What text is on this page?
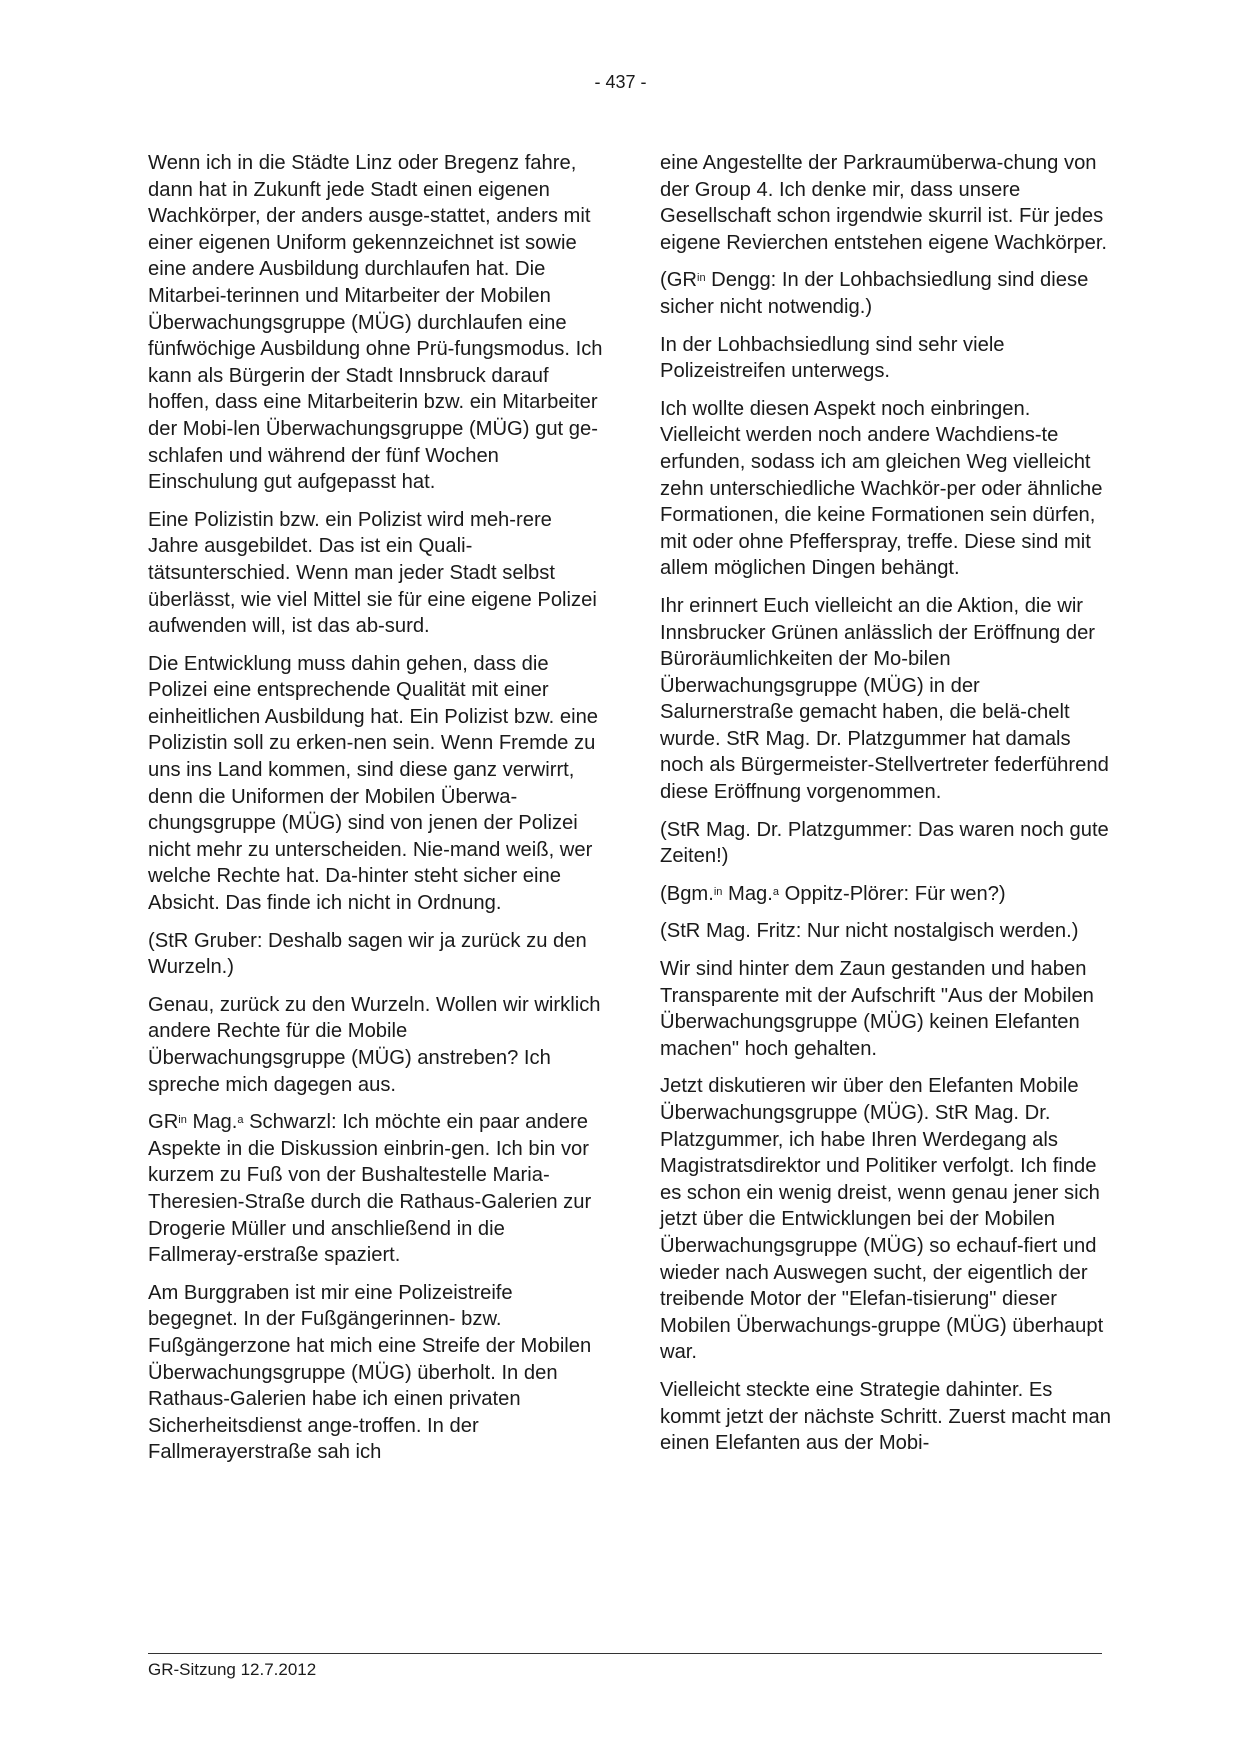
- 437 -

Wenn ich in die Städte Linz oder Bregenz fahre, dann hat in Zukunft jede Stadt einen eigenen Wachkörper, der anders ausge-stattet, anders mit einer eigenen Uniform gekennzeichnet ist sowie eine andere Ausbildung durchlaufen hat. Die Mitarbei-terinnen und Mitarbeiter der Mobilen Überwachungsgruppe (MÜG) durchlaufen eine fünfwöchige Ausbildung ohne Prü-fungsmodus. Ich kann als Bürgerin der Stadt Innsbruck darauf hoffen, dass eine Mitarbeiterin bzw. ein Mitarbeiter der Mobi-len Überwachungsgruppe (MÜG) gut ge-schlafen und während der fünf Wochen Einschulung gut aufgepasst hat.

Eine Polizistin bzw. ein Polizist wird meh-rere Jahre ausgebildet. Das ist ein Quali-tätsunterschied. Wenn man jeder Stadt selbst überlässt, wie viel Mittel sie für eine eigene Polizei aufwenden will, ist das ab-surd.

Die Entwicklung muss dahin gehen, dass die Polizei eine entsprechende Qualität mit einer einheitlichen Ausbildung hat. Ein Polizist bzw. eine Polizistin soll zu erken-nen sein. Wenn Fremde zu uns ins Land kommen, sind diese ganz verwirrt, denn die Uniformen der Mobilen Überwa-chungsgruppe (MÜG) sind von jenen der Polizei nicht mehr zu unterscheiden. Nie-mand weiß, wer welche Rechte hat. Da-hinter steht sicher eine Absicht. Das finde ich nicht in Ordnung.

(StR Gruber: Deshalb sagen wir ja zurück zu den Wurzeln.)

Genau, zurück zu den Wurzeln. Wollen wir wirklich andere Rechte für die Mobile Überwachungsgruppe (MÜG) anstreben? Ich spreche mich dagegen aus.

$GR^{in}$ Mag.$^a$ Schwarzl: Ich möchte ein paar andere Aspekte in die Diskussion einbrin-gen. Ich bin vor kurzem zu Fuß von der Bushaltestelle Maria-Theresien-Straße durch die Rathaus-Galerien zur Drogerie Müller und anschließend in die Fallmeray-erstraße spaziert.

Am Burggraben ist mir eine Polizeistreife begegnet. In der Fußgängerinnen- bzw. Fußgängerzone hat mich eine Streife der Mobilen Überwachungsgruppe (MÜG) überholt. In den Rathaus-Galerien habe ich einen privaten Sicherheitsdienst ange-troffen. In der Fallmerayerstraße sah ich

eine Angestellte der Parkraumüberwa-chung von der Group 4. Ich denke mir, dass unsere Gesellschaft schon irgendwie skurril ist. Für jedes eigene Revierchen entstehen eigene Wachkörper.

($GR^{in}$ Dengg: In der Lohbachsiedlung sind diese sicher nicht notwendig.)

In der Lohbachsiedlung sind sehr viele Polizeistreifen unterwegs.

Ich wollte diesen Aspekt noch einbringen. Vielleicht werden noch andere Wachdiens-te erfunden, sodass ich am gleichen Weg vielleicht zehn unterschiedliche Wachkör-per oder ähnliche Formationen, die keine Formationen sein dürfen, mit oder ohne Pfefferspray, treffe. Diese sind mit allem möglichen Dingen behängt.

Ihr erinnert Euch vielleicht an die Aktion, die wir Innsbrucker Grünen anlässlich der Eröffnung der Büroräumlichkeiten der Mo-bilen Überwachungsgruppe (MÜG) in der Salurnerstraße gemacht haben, die belä-chelt wurde. StR Mag. Dr. Platzgummer hat damals noch als Bürgermeister-Stellvertreter federführend diese Eröffnung vorgenommen.

(StR Mag. Dr. Platzgummer: Das waren noch gute Zeiten!)

(Bgm.$^{in}$ Mag.$^a$ Oppitz-Plörer: Für wen?)

(StR Mag. Fritz: Nur nicht nostalgisch werden.)

Wir sind hinter dem Zaun gestanden und haben Transparente mit der Aufschrift "Aus der Mobilen Überwachungsgruppe (MÜG) keinen Elefanten machen" hoch gehalten.

Jetzt diskutieren wir über den Elefanten Mobile Überwachungsgruppe (MÜG). StR Mag. Dr. Platzgummer, ich habe Ihren Werdegang als Magistratsdirektor und Politiker verfolgt. Ich finde es schon ein wenig dreist, wenn genau jener sich jetzt über die Entwicklungen bei der Mobilen Überwachungsgruppe (MÜG) so echauf-fiert und wieder nach Auswegen sucht, der eigentlich der treibende Motor der "Elefan-tisierung" dieser Mobilen Überwachungs-gruppe (MÜG) überhaupt war.

Vielleicht steckte eine Strategie dahinter. Es kommt jetzt der nächste Schritt. Zuerst macht man einen Elefanten aus der Mobi-

GR-Sitzung 12.7.2012
